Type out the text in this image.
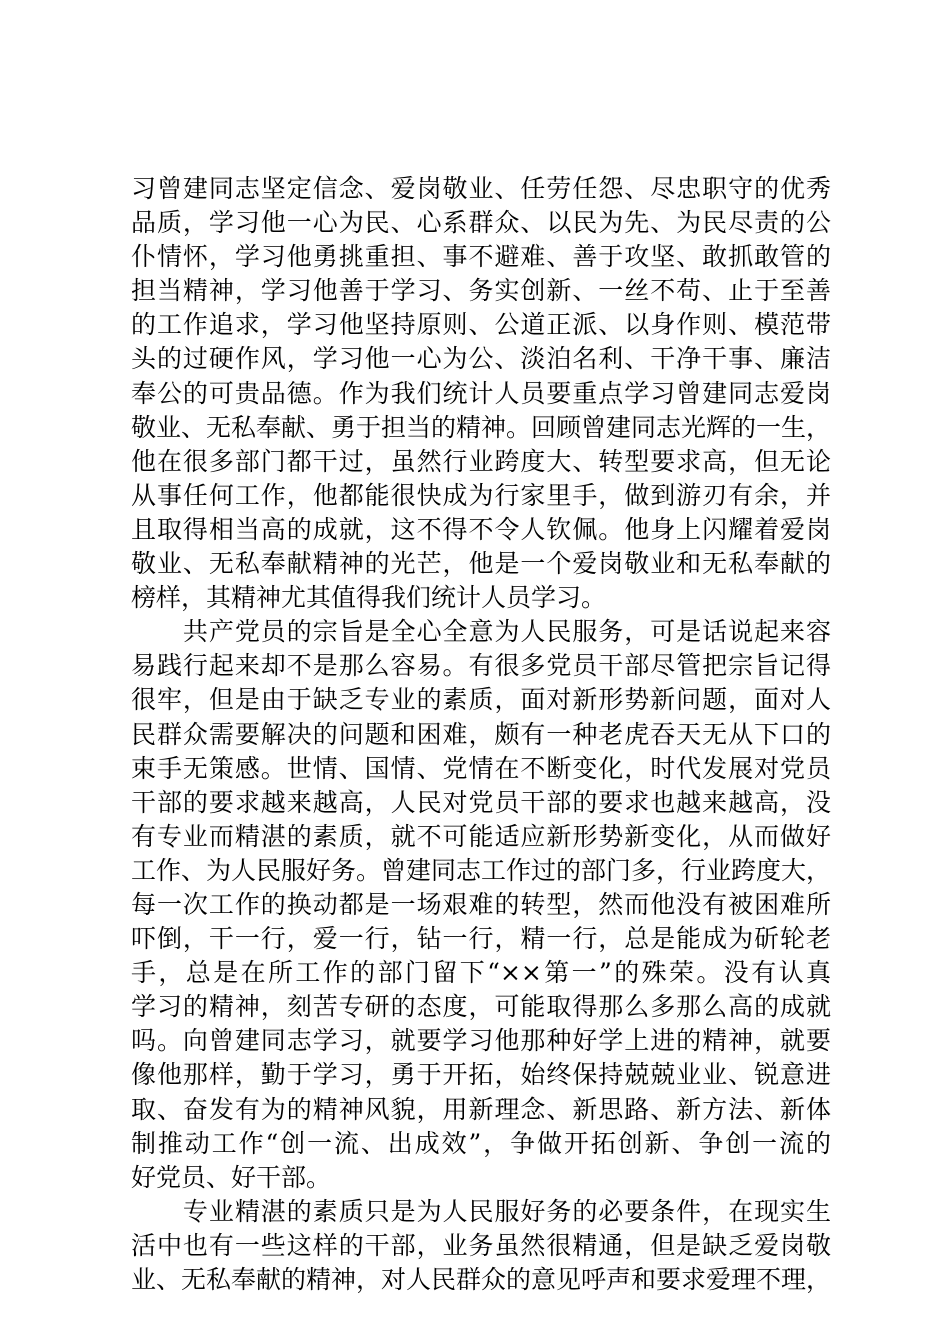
习曾建同志坚定信念、爱岗敬业、任劳任怨、尽忠职守的优秀
品质，学习他一心为民、心系群众、以民为先、为民尽责的公
仆情怀，学习他勇挑重担、事不避难、善于攻坚、敢抓敢管的
担当精神，学习他善于学习、务实创新、一丝不苟、止于至善
的工作追求，学习他坚持原则、公道正派、以身作则、模范带
头的过硬作风，学习他一心为公、淡泊名利、干净干事、廉洁
奉公的可贵品德。作为我们统计人员要重点学习曾建同志爱岗
敬业、无私奉献、勇于担当的精神。回顾曾建同志光辉的一生，
他在很多部门都干过，虽然行业跨度大、转型要求高，但无论
从事任何工作，他都能很快成为行家里手，做到游刃有余，并
且取得相当高的成就，这不得不令人钦佩。他身上闪耀着爱岗
敬业、无私奉献精神的光芒，他是一个爱岗敬业和无私奉献的
榜样，其精神尤其值得我们统计人员学习。
　　共产党员的宗旨是全心全意为人民服务，可是话说起来容
易践行起来却不是那么容易。有很多党员干部尽管把宗旨记得
很牢，但是由于缺乏专业的素质，面对新形势新问题，面对人
民群众需要解决的问题和困难，颇有一种老虎吞天无从下口的
束手无策感。世情、国情、党情在不断变化，时代发展对党员
干部的要求越来越高，人民对党员干部的要求也越来越高，没
有专业而精湛的素质，就不可能适应新形势新变化，从而做好
工作、为人民服好务。曾建同志工作过的部门多，行业跨度大，
每一次工作的换动都是一场艰难的转型，然而他没有被困难所
吓倒，干一行，爱一行，钻一行，精一行，总是能成为斫轮老
手，总是在所工作的部门留下“××第一”的殊荣。没有认真
学习的精神，刻苦专研的态度，可能取得那么多那么高的成就
吗。向曾建同志学习，就要学习他那种好学上进的精神，就要
像他那样，勤于学习，勇于开拓，始终保持兢兢业业、锐意进
取、奋发有为的精神风貌，用新理念、新思路、新方法、新体
制推动工作“创一流、出成效”，争做开拓创新、争创一流的
好党员、好干部。
　　专业精湛的素质只是为人民服好务的必要条件，在现实生
活中也有一些这样的干部，业务虽然很精通，但是缺乏爱岗敬
业、无私奉献的精神，对人民群众的意见呼声和要求爱理不理，
